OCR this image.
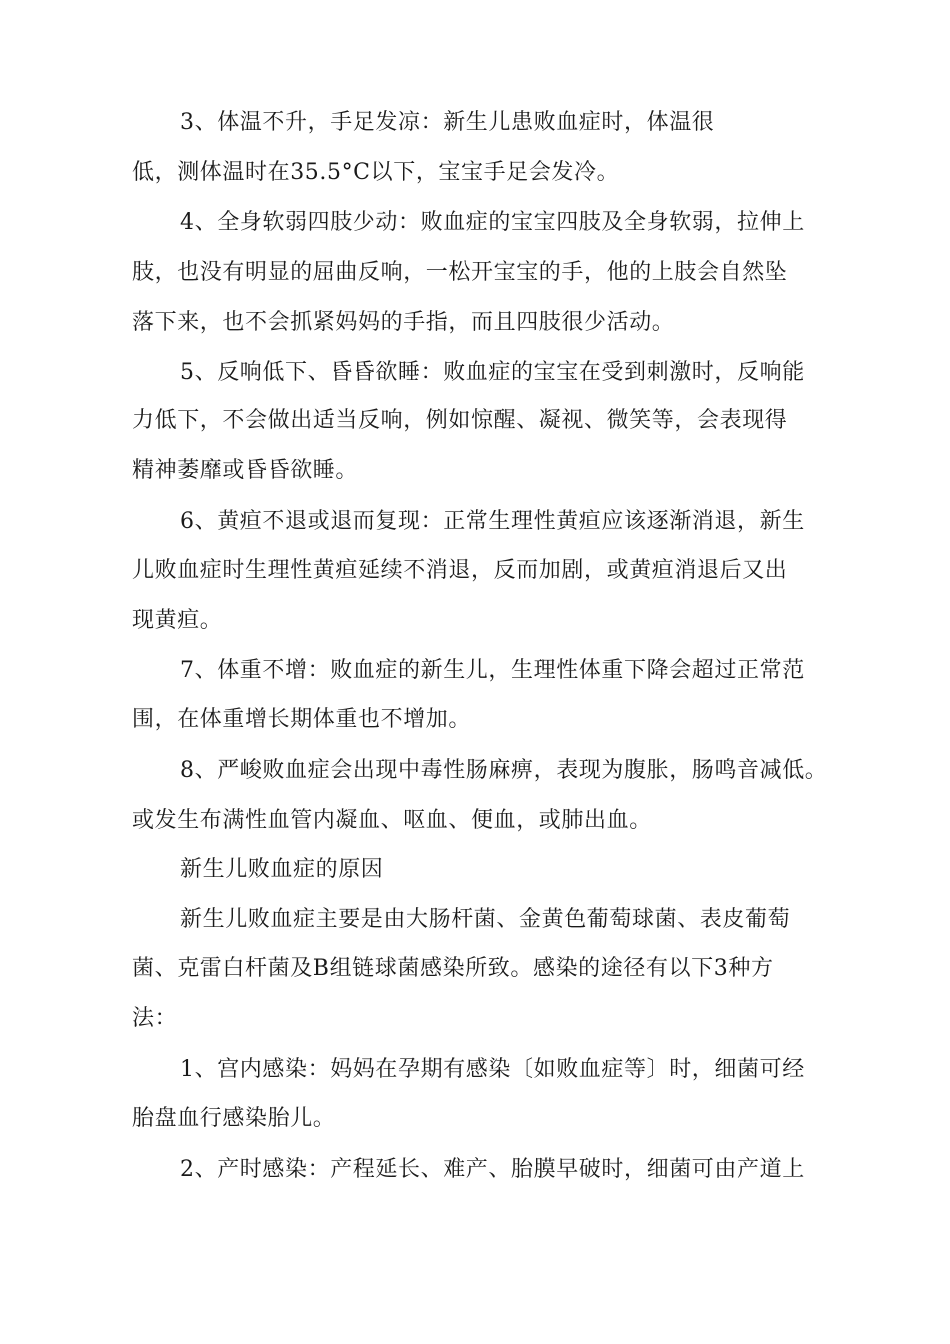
3、体温不升，手足发凉：新生儿患败血症时，体温很
低，测体温时在35.5°C以下，宝宝手足会发冷。
4、全身软弱四肢少动：败血症的宝宝四肢及全身软弱，拉伸上
肢，也没有明显的屈曲反响，一松开宝宝的手，他的上肢会自然坠
落下来，也不会抓紧妈妈的手指，而且四肢很少活动。
5、反响低下、昏昏欲睡：败血症的宝宝在受到刺激时，反响能
力低下，不会做出适当反响，例如惊醒、凝视、微笑等，会表现得
精神萎靡或昏昏欲睡。
6、黄疸不退或退而复现：正常生理性黄疸应该逐渐消退，新生
儿败血症时生理性黄疸延续不消退，反而加剧，或黄疸消退后又出
现黄疸。
7、体重不增：败血症的新生儿，生理性体重下降会超过正常范
围，在体重增长期体重也不增加。
8、严峻败血症会出现中毒性肠麻痹，表现为腹胀，肠鸣音减低。
或发生布满性血管内凝血、呕血、便血，或肺出血。
新生儿败血症的原因
新生儿败血症主要是由大肠杆菌、金黄色葡萄球菌、表皮葡萄
菌、克雷白杆菌及B组链球菌感染所致。感染的途径有以下3种方
法：
1、宫内感染：妈妈在孕期有感染〔如败血症等〕时，细菌可经
胎盘血行感染胎儿。
2、产时感染：产程延长、难产、胎膜早破时，细菌可由产道上
